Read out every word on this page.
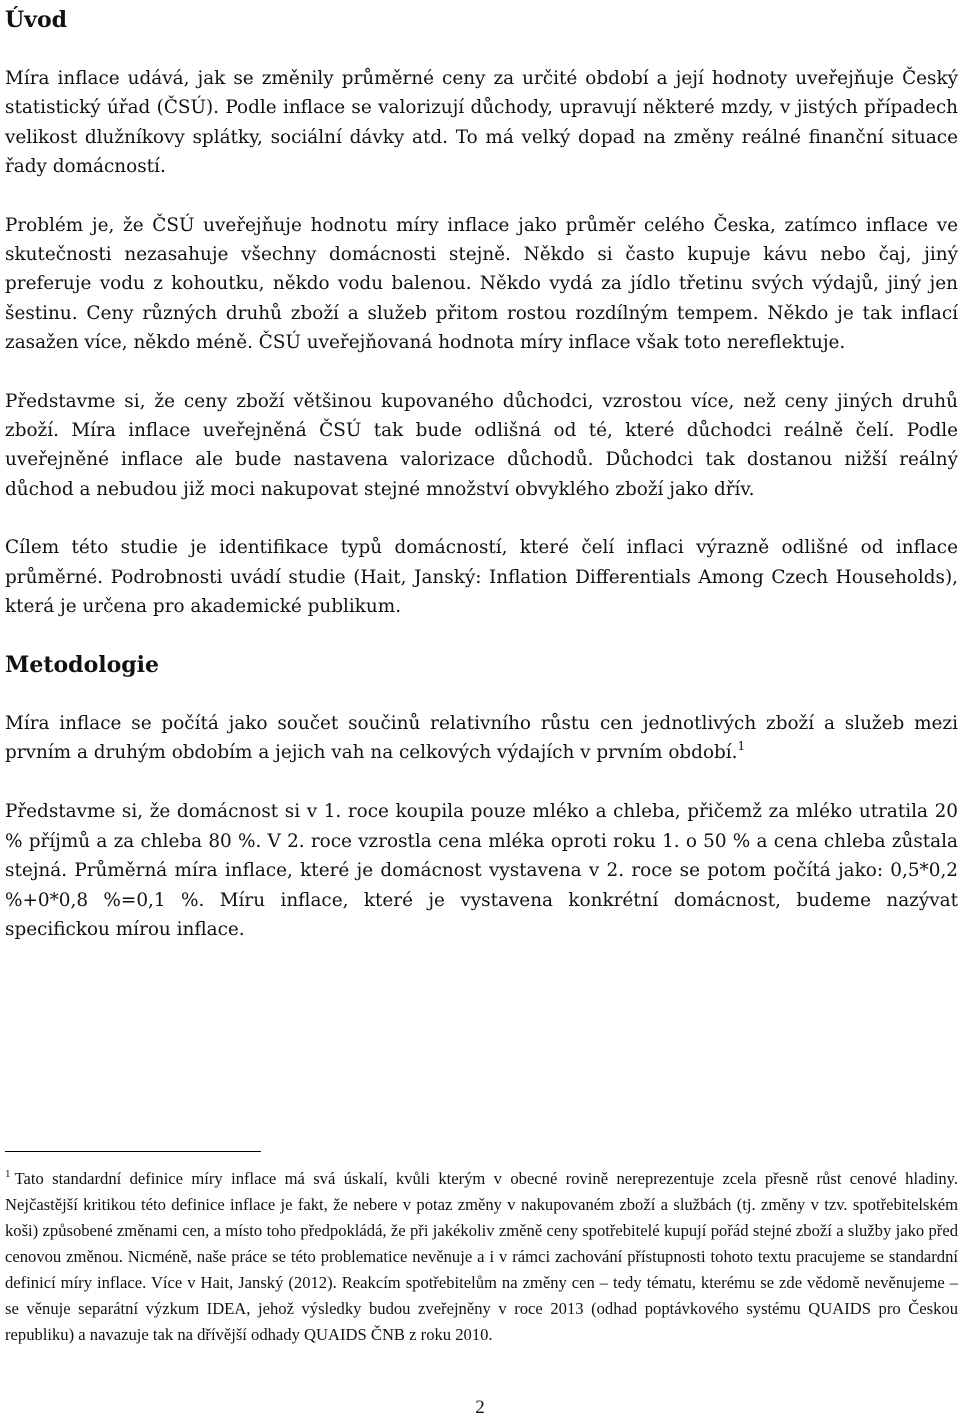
Úvod

Míra inflace udává, jak se změnily průměrné ceny za určité období a její hodnoty uveřejňuje Český statistický úřad (ČSÚ). Podle inflace se valorizují důchody, upravují některé mzdy, v jistých případech velikost dlužníkovy splátky, sociální dávky atd. To má velký dopad na změny reálné finanční situace řady domácností.

Problém je, že ČSÚ uveřejňuje hodnotu míry inflace jako průměr celého Česka, zatímco inflace ve skutečnosti nezasahuje všechny domácnosti stejně. Někdo si často kupuje kávu nebo čaj, jiný preferuje vodu z kohoutku, někdo vodu balenou. Někdo vydá za jídlo třetinu svých výdajů, jiný jen šestinu. Ceny různých druhů zboží a služeb přitom rostou rozdílným tempem. Někdo je tak inflací zasažen více, někdo méně. ČSÚ uveřejňovaná hodnota míry inflace však toto nereflektuje.

Představme si, že ceny zboží většinou kupovaného důchodci, vzrostou více, než ceny jiných druhů zboží. Míra inflace uveřejněná ČSÚ tak bude odlišná od té, které důchodci reálně čelí. Podle uveřejněné inflace ale bude nastavena valorizace důchodů. Důchodci tak dostanou nižší reálný důchod a nebudou již moci nakupovat stejné množství obvyklého zboží jako dřív.

Cílem této studie je identifikace typů domácností, které čelí inflaci výrazně odlišné od inflace průměrné. Podrobnosti uvádí studie (Hait, Janský: Inflation Differentials Among Czech Households), která je určena pro akademické publikum.

Metodologie

Míra inflace se počítá jako součet součinů relativního růstu cen jednotlivých zboží a služeb mezi prvním a druhým obdobím a jejich vah na celkových výdajích v prvním období.$^1$

Představme si, že domácnost si v 1. roce koupila pouze mléko a chleba, přičemž za mléko utratila 20 % příjmů a za chleba 80 %. V 2. roce vzrostla cena mléka oproti roku 1. o 50 % a cena chleba zůstala stejná. Průměrná míra inflace, které je domácnost vystavena v 2. roce se potom počítá jako: 0,5*0,2 %+0*0,8 %=0,1 %. Míru inflace, které je vystavena konkrétní domácnost, budeme nazývat specifickou mírou inflace.

$^1$ Tato standardní definice míry inflace má svá úskalí, kvůli kterým v obecné rovině nereprezentuje zcela přesně růst cenové hladiny. Nejčastější kritikou této definice inflace je fakt, že nebere v potaz změny v nakupovaném zboží a službách (tj. změny v tzv. spotřebitelském koši) způsobené změnami cen, a místo toho předpokládá, že při jakékoliv změně ceny spotřebitelé kupují pořád stejné zboží a služby jako před cenovou změnou. Nicméně, naše práce se této problematice nevěnuje a i v rámci zachování přístupnosti tohoto textu pracujeme se standardní definicí míry inflace. Více v Hait, Janský (2012). Reakcím spotřebitelům na změny cen – tedy tématu, kterému se zde vědomě nevěnujeme – se věnuje separátní výzkum IDEA, jehož výsledky budou zveřejněny v roce 2013 (odhad poptávkového systému QUAIDS pro Českou republiku) a navazuje tak na dřívější odhady QUAIDS ČNB z roku 2010.

2
